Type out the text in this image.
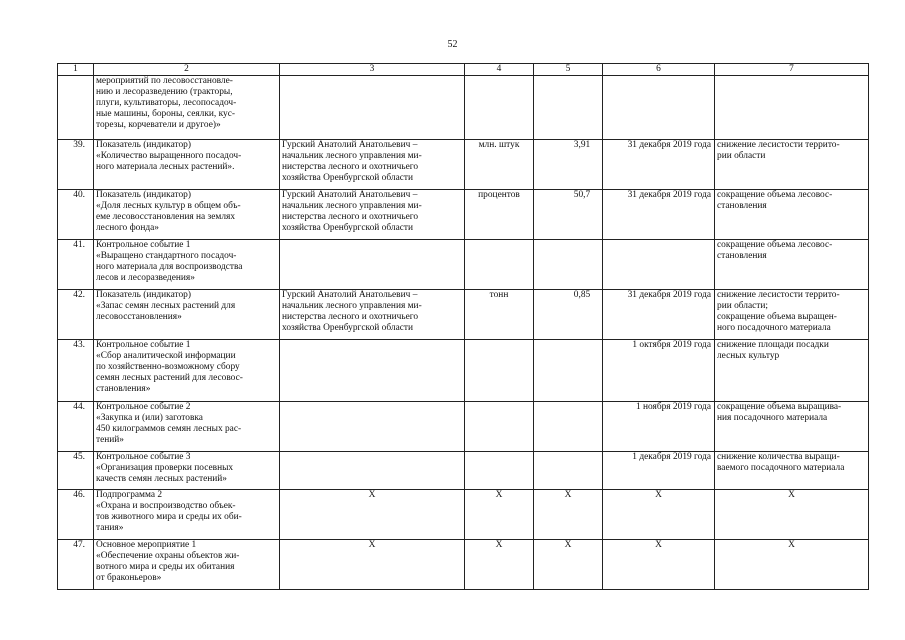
52
1	2	3	4	5	6	7
	мероприятий по лесовосстановле-
нию и лесоразведению (тракторы,
плуги, культиваторы, лесопосадоч-
ные машины, бороны, сеялки, кус-
торезы, корчеватели и другое)»					
39.	Показатель (индикатор)
«Количество выращенного посадоч-
ного материала лесных растений».	Гурский Анатолий Анатольевич –
начальник лесного управления ми-
нистерства лесного и охотничьего
хозяйства Оренбургской области	млн. штук	3,91	31 декабря 2019 года	снижение лесистости террито-
рии области
40.	Показатель (индикатор)
«Доля лесных культур в общем объ-
еме лесовосстановления на землях
лесного фонда»	Гурский Анатолий Анатольевич –
начальник лесного управления ми-
нистерства лесного и охотничьего
хозяйства Оренбургской области	процентов	50,7	31 декабря 2019 года	сокращение объема лесовос-
становления
41.	Контрольное событие 1
«Выращено стандартного посадоч-
ного материала для воспроизводства
лесов и лесоразведения»					сокращение объема лесовос-
становления
42.	Показатель (индикатор)
«Запас семян лесных растений для
лесовосстановления»	Гурский Анатолий Анатольевич –
начальник лесного управления ми-
нистерства лесного и охотничьего
хозяйства Оренбургской области	тонн	0,85	31 декабря 2019 года	снижение лесистости террито-
рии области;
сокращение объема выращен-
ного посадочного материала
43.	Контрольное событие 1
«Сбор аналитической информации
по хозяйственно-возможному сбору
семян лесных растений для лесовос-
становления»				1 октября 2019 года	снижение площади посадки
лесных культур
44.	Контрольное событие 2
«Закупка и (или) заготовка
450 килограммов семян лесных рас-
тений»				1 ноября 2019 года	сокращение объема выращива-
ния посадочного материала
45.	Контрольное событие 3
«Организация проверки посевных
качеств семян лесных растений»				1 декабря 2019 года	снижение количества выращи-
ваемого посадочного материала
46.	Подпрограмма 2
«Охрана и воспроизводство объек-
тов животного мира и среды их оби-
тания»	X	X	X	X	X
47.	Основное мероприятие 1
«Обеспечение охраны объектов жи-
вотного мира и среды их обитания
от браконьеров»	X	X	X	X	X
